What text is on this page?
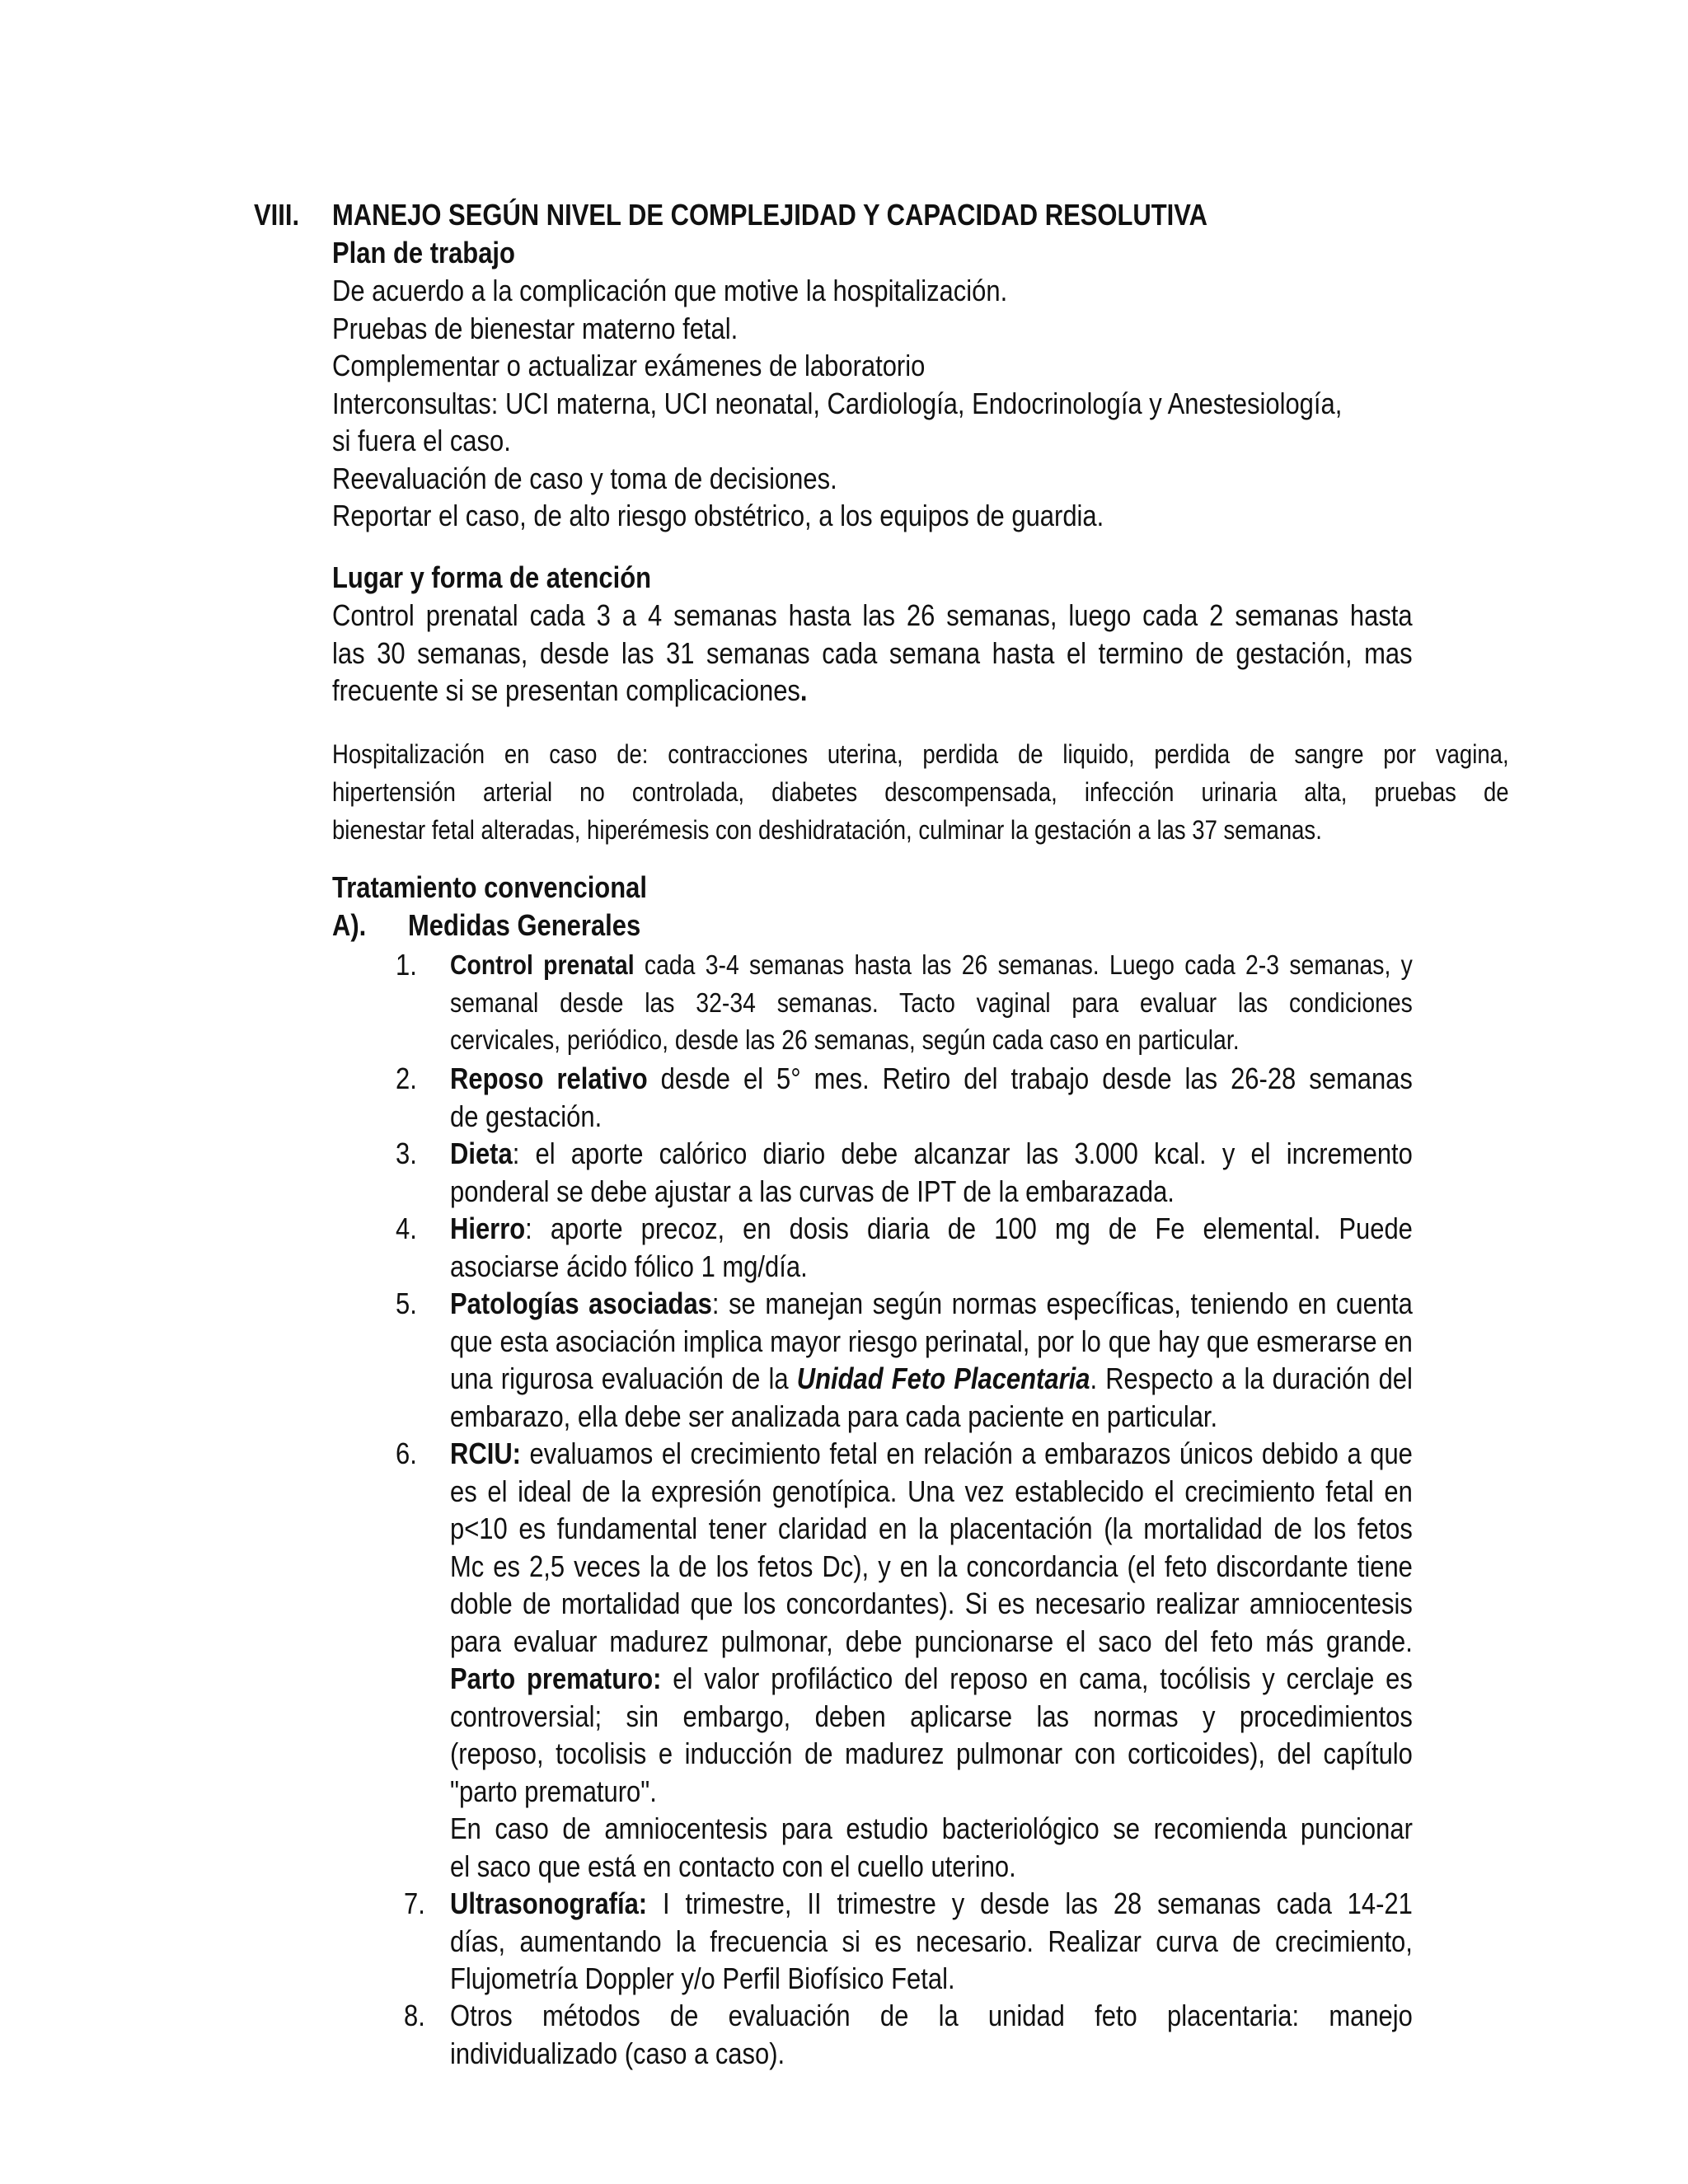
VIII.	MANEJO SEGÚN NIVEL DE COMPLEJIDAD Y CAPACIDAD RESOLUTIVA
Plan de trabajo
De acuerdo a la complicación que motive la hospitalización.
Pruebas de bienestar materno fetal.
Complementar o actualizar exámenes de laboratorio
Interconsultas: UCI materna, UCI neonatal, Cardiología, Endocrinología y Anestesiología,
si fuera el caso.
Reevaluación de caso y toma de decisiones.
Reportar el caso, de alto riesgo obstétrico, a los equipos de guardia.
Lugar y forma de atención
Control prenatal cada 3 a 4 semanas hasta las 26 semanas, luego cada 2 semanas hasta
las 30 semanas, desde las 31 semanas cada semana hasta el termino de gestación, mas
frecuente si se presentan complicaciones.
Hospitalización en caso de: contracciones uterina, perdida de liquido, perdida de sangre por vagina,
hipertensión arterial no controlada, diabetes descompensada, infección urinaria alta, pruebas de
bienestar fetal alteradas, hiperémesis con deshidratación, culminar la gestación a las 37 semanas.
Tratamiento convencional
A). Medidas Generales
1.	Control prenatal cada 3-4 semanas hasta las 26 semanas. Luego cada 2-3 semanas, y
semanal desde las 32-34 semanas. Tacto vaginal para evaluar las condiciones
cervicales, periódico, desde las 26 semanas, según cada caso en particular.
2.	Reposo relativo desde el 5° mes. Retiro del trabajo desde las 26-28 semanas
de gestación.
3.	Dieta: el aporte calórico diario debe alcanzar las 3.000 kcal. y el incremento
ponderal se debe ajustar a las curvas de IPT de la embarazada.
4.	Hierro: aporte precoz, en dosis diaria de 100 mg de Fe elemental. Puede
asociarse ácido fólico 1 mg/día.
5.	Patologías asociadas: se manejan según normas específicas, teniendo en cuenta
que esta asociación implica mayor riesgo perinatal, por lo que hay que esmerarse en
una rigurosa evaluación de la Unidad Feto Placentaria. Respecto a la duración del
embarazo, ella debe ser analizada para cada paciente en particular.
6.	RCIU: evaluamos el crecimiento fetal en relación a embarazos únicos debido a que
es el ideal de la expresión genotípica. Una vez establecido el crecimiento fetal en
p<10 es fundamental tener claridad en la placentación (la mortalidad de los fetos
Mc es 2,5 veces la de los fetos Dc), y en la concordancia (el feto discordante tiene
doble de mortalidad que los concordantes). Si es necesario realizar amniocentesis
para evaluar madurez pulmonar, debe puncionarse el saco del feto más grande.
Parto prematuro: el valor profiláctico del reposo en cama, tocólisis y cerclaje es
controversial; sin embargo, deben aplicarse las normas y procedimientos
(reposo, tocolisis e inducción de madurez pulmonar con corticoides), del capítulo
"parto prematuro".
En caso de amniocentesis para estudio bacteriológico se recomienda puncionar
el saco que está en contacto con el cuello uterino.
7. Ultrasonografía: I trimestre, II trimestre y desde las 28 semanas cada 14-21
días, aumentando la frecuencia si es necesario. Realizar curva de crecimiento,
Flujometría Doppler y/o Perfil Biofísico Fetal.
8. Otros métodos de evaluación de la unidad feto placentaria: manejo
individualizado (caso a caso).
